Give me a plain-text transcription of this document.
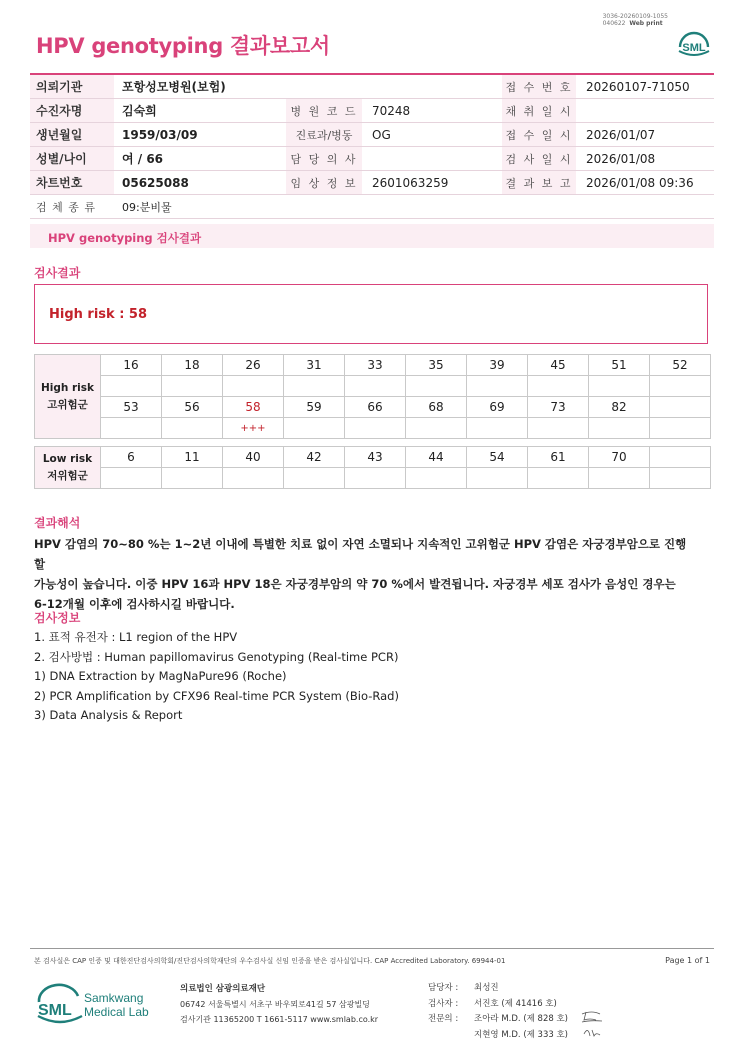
HPV genotyping 결과보고서
3036-20260109-1055
040622 Web print
SML
의뢰기관	포항성모병원(보험)			접 수 번 호	20260107-71050
수진자명	김숙희	병 원 코 드	70248	채 취 일 시	
생년월일	1959/03/09	진료과/병동	OG	접 수 일 시	2026/01/07
성별/나이	여 / 66	담 당 의 사		검 사 일 시	2026/01/08
차트번호	05625088	임 상 정 보	2601063259	결 과 보 고	2026/01/08 09:36
검 체 종 류	09:분비물				
HPV genotyping 검사결과
검사결과
High risk : 58
High risk
고위험군	16	18	26	31	33	35	39	45	51	52

	53	56	58	59	66	68	69	73	82	
			+++							
Low risk
저위험군	6	11	40	42	43	44	54	61	70	

결과해석
HPV 감염의 70~80 %는 1~2년 이내에 특별한 치료 없이 자연 소멸되나 지속적인 고위험군 HPV 감염은 자궁경부암으로 진행할
가능성이 높습니다. 이중 HPV 16과 HPV 18은 자궁경부암의 약 70 %에서 발견됩니다. 자궁경부 세포 검사가 음성인 경우는
6-12개월 이후에 검사하시길 바랍니다.
검사정보
1. 표적 유전자 : L1 region of the HPV
2. 검사방법 : Human papillomavirus Genotyping (Real-time PCR)
1) DNA Extraction by MagNaPure96 (Roche)
2) PCR Amplification by CFX96 Real-time PCR System (Bio-Rad)
3) Data Analysis & Report
본 검사실은 CAP 인증 및 대한진단검사의학회/진단검사의학재단의 우수검사실 신임 인증을 받은 검사실입니다. CAP Accredited Laboratory. 69944-01	Page 1 of 1
SML
Samkwang
Medical Lab
의료법인 삼광의료재단
06742 서울특별시 서초구 바우뫼로41길 57 삼광빌딩
검사기관 11365200 T 1661-5117 www.smlab.co.kr
담당자 : 최성진
검사자 : 서진호 (제 41416 호)
전문의 : 조아라 M.D. (제 828 호)
지현영 M.D. (제 333 호)
